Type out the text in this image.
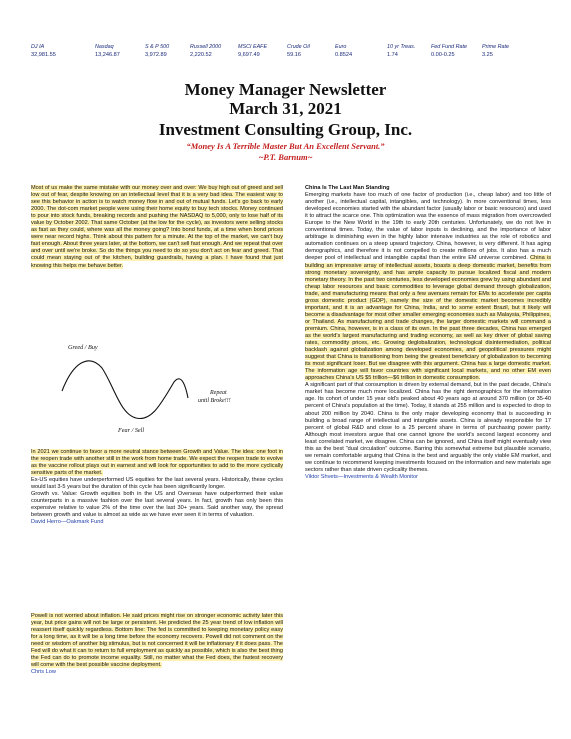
DJ IA
32,981.55
Nasdaq
13,246.87
S & P 500
3,972.89
Russell 2000
2,220.52
MSCI EAFE
9,697.49
Crude Oil
59.16
Euro
0.8524
10 yr Treas.
1.74
Fed Fund Rate
0.00-0.25
Prime Rate
3.25
Money Manager Newsletter
March 31, 2021
Investment Consulting Group, Inc.
“Money Is A Terrible Master But An Excellent Servant.”
~P.T. Barnum~

Most of us make the same mistake with our money over and over: We buy high out of greed and sell low out of fear, despite knowing on an intellectual level that it is a very bad idea. The easiest way to see this behavior in action is to watch money flow in and out of mutual funds. Let's go back to early 2000. The dot-com market people were using their home equity to buy tech stocks. Money continued to pour into stock funds, breaking records and pushing the NASDAQ to 5,000, only to lose half of its value by October 2002. That same October (at the low for the cycle), as investors were selling stocks as fast as they could, where was all the money going? Into bond funds, at a time when bond prices were near record highs. Think about this pattern for a minute. At the top of the market, we can't buy fast enough. About three years later, at the bottom, we can't sell fast enough. And we repeat that over and over until we're broke. So do the things you need to do so you don't act on fear and greed. That could mean staying out of the kitchen, building guardrails, having a plan. I have found that just knowing this helps me behave better.

Greed / Buy
Fear / Sell
Repeat
until Broke!!!

In 2021 we continue to favor a more neutral stance between Growth and Value. The idea: one foot in the reopen trade with another still in the work from home trade. We expect the reopen trade to evolve as the vaccine rollout plays out in earnest and will look for opportunities to add to the more cyclically sensitive parts of the market.

Ex-US equities have underperformed US equities for the last several years. Historically, these cycles would last 3-5 years but the duration of this cycle has been significantly longer.

Growth vs. Value: Growth equities both in the US and Overseas have outperformed their value counterparts in a massive fashion over the last several years. In fact, growth has only been this expensive relative to value 2% of the time over the last 30+ years. Said another way, the spread between growth and value is almost as wide as we have ever seen it in terms of valuation.

David Herro—Oakmark Fund

Powell is not worried about inflation. He said prices might rise on stronger economic activity later this year, but price gains will not be large or persistent. He predicted the 25 year trend of low inflation will reassert itself quickly regardless. Bottom line: The fed is committed to keeping monetary policy easy for a long time, as it will be a long time before the economy recovers. Powell did not comment on the need or wisdom of another big stimulus, but is not concerned it will be inflationary if it does pass. The Fed will do what it can to return to full employment as quickly as possible, which is also the best thing the Fed can do to promote income equality. Still, no matter what the Fed does, the fastest recovery will come with the best possible vaccine deployment.

Chris Low

China Is The Last Man Standing

Emerging markets have too much of one factor of production (i.e., cheap labor) and too little of another (i.e., intellectual capital, intangibles, and technology). In more conventional times, less developed economies started with the abundant factor (usually labor or basic resources) and used it to attract the scarce one. This optimization was the essence of mass migration from overcrowded Europe to the New World in the 19th to early 20th centuries. Unfortunately, we do not live in conventional times. Today, the value of labor inputs is declining, and the importance of labor arbitrage is diminishing even in the highly labor intensive industries as the role of robotics and automation continues on a steep upward trajectory. China, however, is very different. It has aging demographics, and therefore it is not compelled to create millions of jobs. It also has a much deeper pool of intellectual and intangible capital than the entire EM universe combined. China is building an impressive array of intellectual assets, boasts a deep domestic market, benefits from strong monetary sovereignty, and has ample capacity to pursue localized fiscal and modern monetary theory. In the past two centuries, less developed economies grew by using abundant and cheap labor resources and basic commodities to leverage global demand through globalization, trade, and manufacturing means that only a few avenues remain for EMs to accelerate per capita gross domestic product (GDP), namely the size of the domestic market becomes incredibly important, and it is an advantage for China, India, and to some extent Brazil, but it likely will become a disadvantage for most other smaller emerging economies such as Malaysia, Philippines, or Thailand. As manufacturing and trade changes, the larger domestic markets will command a premium. China, however, is in a class of its own. In the past three decades, China has emerged as the world's largest manufacturing and trading economy, as well as key driver of global saving rates, commodity prices, etc. Growing deglobalization, technological disintermediation, political backlash against globalization among developed economies, and geopolitical pressures might suggest that China is transitioning from being the greatest beneficiary of globalization to becoming its most significant loser. But we disagree with this argument. China has a large domestic market. The information age will favor countries with significant local markets, and no other EM even approaches China's US $5 trillion—$6 trillion in domestic consumption.

A significant part of that consumption is driven by external demand, but in the past decade, China's market has become much more localized. China has the right demographics for the information age. Its cohort of under 15 year old's peaked about 40 years ago at around 370 million (or 35-40 percent of China's population at the time). Today, it stands at 255 million and is expected to drop to about 200 million by 2040. China is the only major developing economy that is succeeding in building a broad range of intellectual and intangible assets. China is already responsible for 17 percent of global R&D and close to a 25 percent share in terms of purchasing power parity. Although most investors argue that one cannot ignore the world's second largest economy and least correlated market, we disagree. China can be ignored, and China itself might eventually view this as the best “dual circulation” outcome. Barring this somewhat extreme but plausible scenario, we remain comfortable arguing that China is the best and arguably the only viable EM market, and we continue to recommend keeping investments focused on the information and new materials age sectors rather than state driven cyclicality themes.

Viktor Shvets—Investments & Wealth Monitor
